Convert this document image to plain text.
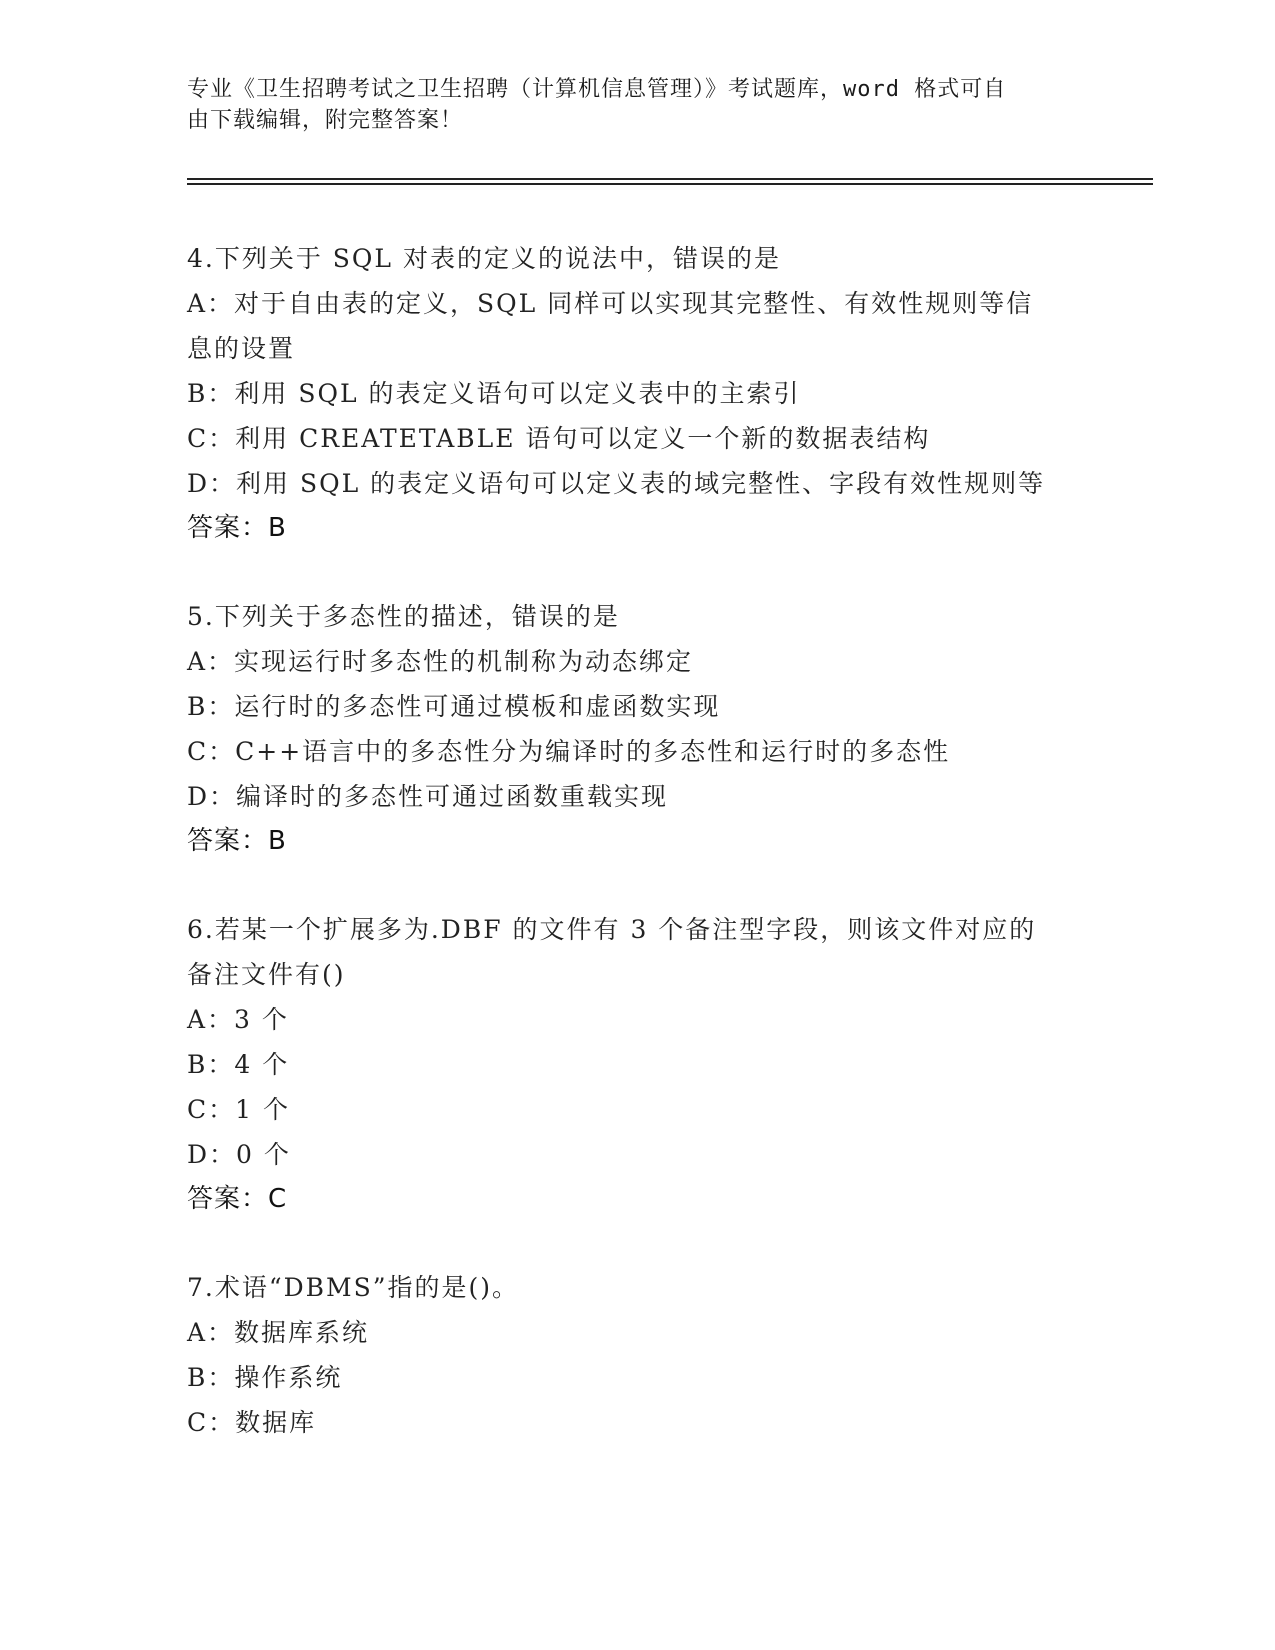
专业《卫生招聘考试之卫生招聘（计算机信息管理）》考试题库，word 格式可自
由下载编辑，附完整答案！

4.下列关于 SQL 对表的定义的说法中，错误的是

A：对于自由表的定义，SQL 同样可以实现其完整性、有效性规则等信

息的设置

B：利用 SQL 的表定义语句可以定义表中的主索引

C：利用 CREATETABLE 语句可以定义一个新的数据表结构

D：利用 SQL 的表定义语句可以定义表的域完整性、字段有效性规则等

答案：B

5.下列关于多态性的描述，错误的是

A：实现运行时多态性的机制称为动态绑定

B：运行时的多态性可通过模板和虚函数实现

C：C++语言中的多态性分为编译时的多态性和运行时的多态性

D：编译时的多态性可通过函数重载实现

答案：B

6.若某一个扩展多为.DBF 的文件有 3 个备注型字段，则该文件对应的

备注文件有()

A：3 个

B：4 个

C：1 个

D：0 个

答案：C

7.术语“DBMS”指的是()。

A：数据库系统

B：操作系统

C：数据库
